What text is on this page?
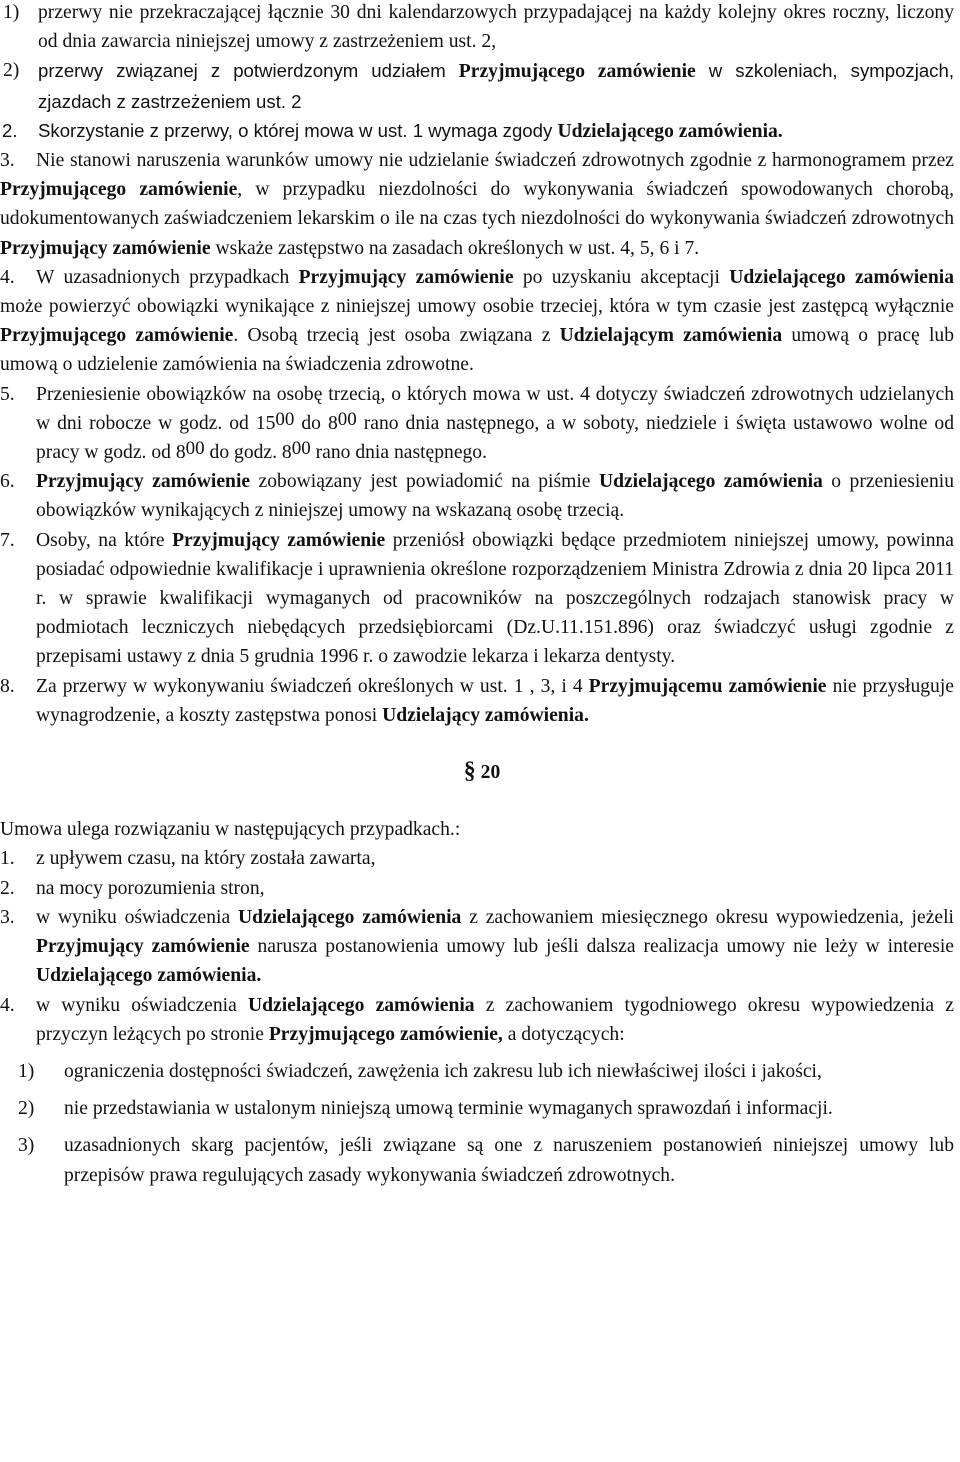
1) przerwy nie przekraczającej łącznie 30 dni kalendarzowych przypadającej na każdy kolejny okres roczny, liczony od dnia zawarcia niniejszej umowy z zastrzeżeniem ust. 2,
2)	przerwy związanej z potwierdzonym udziałem Przyjmującego zamówienie w szkoleniach, sympozjach, zjazdach z zastrzeżeniem ust. 2
2.	Skorzystanie z przerwy, o której mowa w ust. 1 wymaga zgody Udzielającego zamówienia.
3.	Nie stanowi naruszenia warunków umowy nie udzielanie świadczeń zdrowotnych zgodnie z harmonogramem przez Przyjmującego zamówienie, w przypadku niezdolności do wykonywania świadczeń spowodowanych chorobą, udokumentowanych zaświadczeniem lekarskim o ile na czas tych niezdolności do wykonywania świadczeń zdrowotnych Przyjmujący zamówienie wskaże zastępstwo na zasadach określonych w ust. 4, 5, 6 i 7.
4.	W uzasadnionych przypadkach Przyjmujący zamówienie po uzyskaniu akceptacji Udzielającego zamówienia może powierzyć obowiązki wynikające z niniejszej umowy osobie trzeciej, która w tym czasie jest zastępcą wyłącznie Przyjmującego zamówienie. Osobą trzecią jest osoba związana z Udzielającym zamówienia umową o pracę lub umową o udzielenie zamówienia na świadczenia zdrowotne.
5.	Przeniesienie obowiązków na osobę trzecią, o których mowa w ust. 4 dotyczy świadczeń zdrowotnych udzielanych w dni robocze w godz. od 1500 do 800 rano dnia następnego, a w soboty, niedziele i święta ustawowo wolne od pracy w godz. od 800 do godz. 800 rano dnia następnego.
6.	Przyjmujący zamówienie zobowiązany jest powiadomić na piśmie Udzielającego zamówienia o przeniesieniu obowiązków wynikających z niniejszej umowy na wskazaną osobę trzecią.
7.	Osoby, na które Przyjmujący zamówienie przeniósł obowiązki będące przedmiotem niniejszej umowy, powinna posiadać odpowiednie kwalifikacje i uprawnienia określone rozporządzeniem Ministra Zdrowia z dnia 20 lipca 2011 r. w sprawie kwalifikacji wymaganych od pracowników na poszczególnych rodzajach stanowisk pracy w podmiotach leczniczych niebędących przedsiębiorcami (Dz.U.11.151.896) oraz świadczyć usługi zgodnie z przepisami ustawy z dnia 5 grudnia 1996 r. o zawodzie lekarza i lekarza dentysty.
8.	Za przerwy w wykonywaniu świadczeń określonych w ust. 1 , 3, i 4 Przyjmującemu zamówienie nie przysługuje wynagrodzenie, a koszty zastępstwa ponosi Udzielający zamówienia.
§ 20

Umowa ulega rozwiązaniu w następujących przypadkach.:

1.	z upływem czasu, na który została zawarta,
2.	na mocy porozumienia stron,
3.	w wyniku oświadczenia Udzielającego zamówienia z zachowaniem miesięcznego okresu wypowiedzenia, jeżeli Przyjmujący zamówienie narusza postanowienia umowy lub jeśli dalsza realizacja umowy nie leży w interesie Udzielającego zamówienia.
4.	w wyniku oświadczenia Udzielającego zamówienia z zachowaniem tygodniowego okresu wypowiedzenia z przyczyn leżących po stronie Przyjmującego zamówienie, a dotyczących:
1)	ograniczenia dostępności świadczeń, zawężenia ich zakresu lub ich niewłaściwej ilości i jakości,
2)	nie przedstawiania w ustalonym niniejszą umową terminie wymaganych sprawozdań i informacji.
3)	uzasadnionych skarg pacjentów, jeśli związane są one z naruszeniem postanowień niniejszej umowy lub przepisów prawa regulujących zasady wykonywania świadczeń zdrowotnych.
